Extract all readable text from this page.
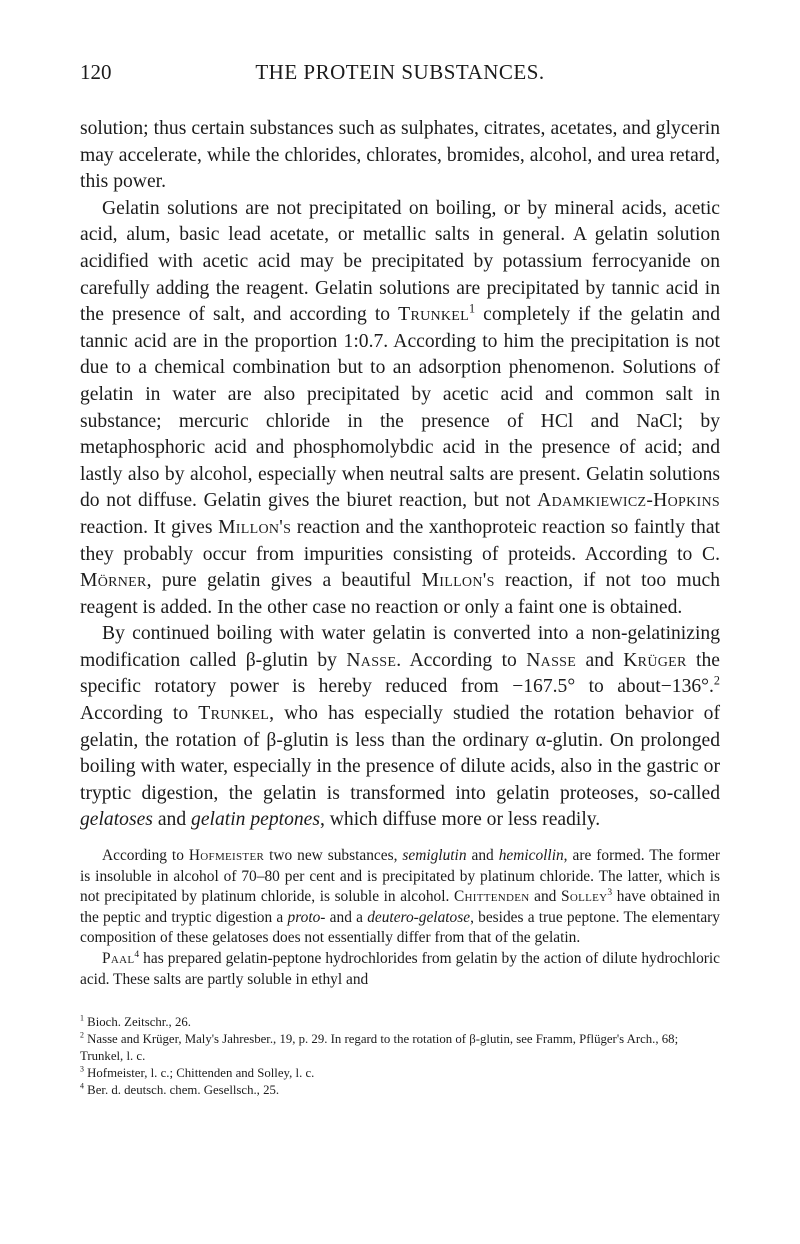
120	THE PROTEIN SUBSTANCES.

solution; thus certain substances such as sulphates, citrates, acetates, and glycerin may accelerate, while the chlorides, chlorates, bromides, alcohol, and urea retard, this power.

Gelatin solutions are not precipitated on boiling, or by mineral acids, acetic acid, alum, basic lead acetate, or metallic salts in general. A gelatin solution acidified with acetic acid may be precipitated by potassium ferrocyanide on carefully adding the reagent. Gelatin solutions are precipitated by tannic acid in the presence of salt, and according to Trunkel$^1$ completely if the gelatin and tannic acid are in the proportion 1:0.7. According to him the precipitation is not due to a chemical combination but to an adsorption phenomenon. Solutions of gelatin in water are also precipitated by acetic acid and common salt in substance; mercuric chloride in the presence of HCl and NaCl; by metaphosphoric acid and phosphomolybdic acid in the presence of acid; and lastly also by alcohol, especially when neutral salts are present. Gelatin solutions do not diffuse. Gelatin gives the biuret reaction, but not Adamkiewicz-Hopkins reaction. It gives Millon's reaction and the xanthoproteic reaction so faintly that they probably occur from impurities consisting of proteids. According to C. Mörner, pure gelatin gives a beautiful Millon's reaction, if not too much reagent is added. In the other case no reaction or only a faint one is obtained.

By continued boiling with water gelatin is converted into a non-gelatinizing modification called β-glutin by Nasse. According to Nasse and Krüger the specific rotatory power is hereby reduced from −167.5° to about−136°.$^2$ According to Trunkel, who has especially studied the rotation behavior of gelatin, the rotation of β-glutin is less than the ordinary α-glutin. On prolonged boiling with water, especially in the presence of dilute acids, also in the gastric or tryptic digestion, the gelatin is transformed into gelatin proteoses, so-called gelatoses and gelatin peptones, which diffuse more or less readily.

According to Hofmeister two new substances, semiglutin and hemicollin, are formed. The former is insoluble in alcohol of 70–80 per cent and is precipitated by platinum chloride. The latter, which is not precipitated by platinum chloride, is soluble in alcohol. Chittenden and Solley$^3$ have obtained in the peptic and tryptic digestion a proto- and a deutero-gelatose, besides a true peptone. The elementary composition of these gelatoses does not essentially differ from that of the gelatin.

Paal$^4$ has prepared gelatin-peptone hydrochlorides from gelatin by the action of dilute hydrochloric acid. These salts are partly soluble in ethyl and

$^1$ Bioch. Zeitschr., 26.

$^2$ Nasse and Krüger, Maly's Jahresber., 19, p. 29. In regard to the rotation of β-glutin, see Framm, Pflüger's Arch., 68; Trunkel, l. c.

$^3$ Hofmeister, l. c.; Chittenden and Solley, l. c.

$^4$ Ber. d. deutsch. chem. Gesellsch., 25.
